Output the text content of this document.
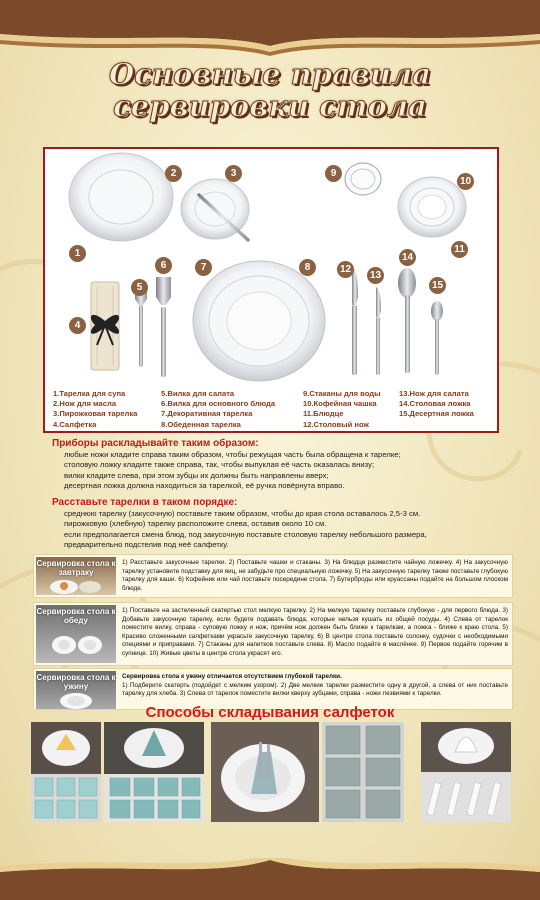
Основные правила
сервировки стола
1
2	3
4
5
6	7	8
9
10
11
12
13
14
15
1.Тарелка для супа
2.Нож для масла
3.Пирожковая тарелка
4.Салфетка
5.Вилка для салата
6.Вилка для основного блюда
7.Декоративная тарелка
8.Обеденная тарелка
9.Стаканы для воды
10.Кофейная чашка
11.Блюдце
12.Столовый нож
13.Нож для салата
14.Столовая ложка
15.Десертная ложка
Приборы раскладывайте таким образом:
любые ножи кладите справа таким образом, чтобы режущая часть была обращена к тарелке;
столовую ложку кладите также справа, так, чтобы выпуклая её часть оказалась внизу;
вилки кладите слева, при этом зубцы их должны быть направлены вверх;
десертная ложка должна находиться за тарелкой, её ручка повёрнута вправо.
Расставьте тарелки в таком порядке:
среднюю тарелку (закусочную) поставьте таким образом, чтобы до края стола оставалось 2,5-3 см.
пирожковую (хлебную) тарелку расположите слева, оставив около 10 см.
если предполагается смена блюд, под закусочную поставьте столовую тарелку небольшого размера,
предварительно подстелив под неё салфетку.
Сервировка стола к завтраку
1) Расставьте закусочные тарелки. 2) Поставьте чашки и стаканы. 3) На блюдце разместите чайную ложечку. 4) На закусочную тарелку установите подставку для яиц, не забудьте про специальную ложечку. 5) На закусочную тарелку также поставьте глубокую тарелку для каши. 6) Кофейник или чай поставьте посередине стола. 7) Бутерброды или круассаны подайте на большом плоском блюде.
Сервировка стола к обеду
1) Поставьте на застеленный скатертью стол мелкую тарелку. 2) На мелкую тарелку поставьте глубокую - для первого блюда. 3) Добавьте закусочную тарелку, если будете подавать блюда, которые нельзя кушать из общей посуды. 4) Слева от тарелок поместите вилку, справа - суповую ложку и нож, причём нож должен быть ближе к тарелкам, а ложка - ближе к краю стола. 5) Красиво сложенными салфетками украсьте закусочную тарелку. 6) В центре стола поставьте солонку, судочки с необходимыми специями и приправами. 7) Стаканы для напитков поставьте слева. 8) Масло подайте в маслёнке. 9) Первое подайте горячим в супнице. 10) Живые цветы в центре стола украсят его.
Сервировка стола к ужину
Сервировка стола к ужину отличается отсутствием глубокой тарелки.
1) Подберите скатерть (подойдет с мелким узором). 2) Две мелкие тарелки разместите одну в другой, а слева от них поставьте тарелку для хлеба. 3) Слева от тарелок поместите вилки кверху зубцами, справа - ножи лезвиями к тарелки.
Способы складывания салфеток
